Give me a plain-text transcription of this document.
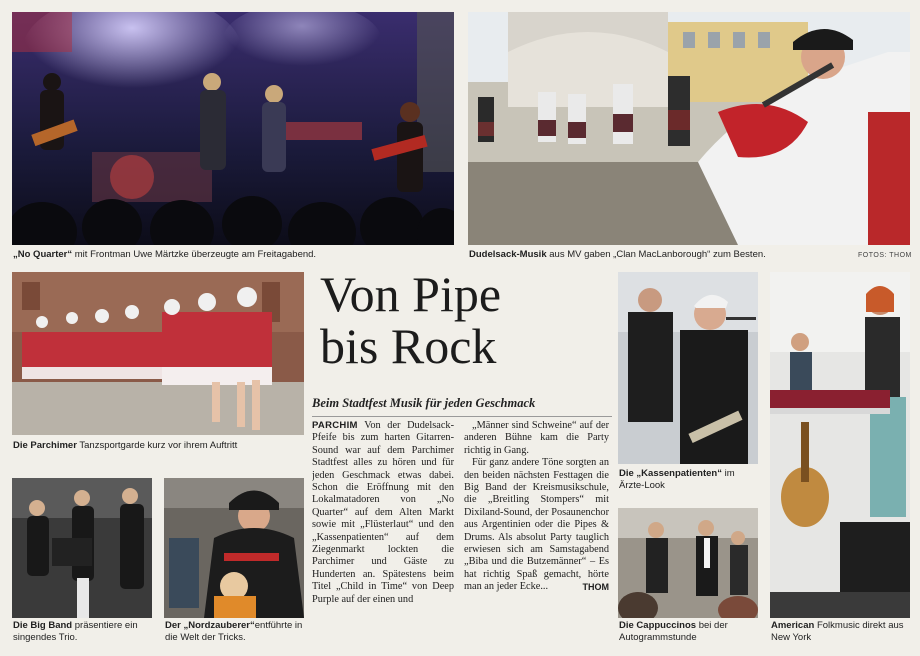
„No Quarter“ mit Frontman Uwe Märtzke überzeugte am Freitagabend.	Dudelsack-Musik aus MV gaben „Clan MacLanborough“ zum Besten.	FOTOS: THOM
Die Parchimer Tanzsportgarde kurz vor ihrem Auftritt
Die Big Band präsentiere ein singendes Trio.
Der „Nordzauberer“entführte in die Welt der Tricks.
Von Pipe
bis Rock
Beim Stadtfest Musik für jeden Geschmack

PARCHIM Von der Dudelsack-Pfeife bis zum harten Gitarren-Sound war auf dem Parchimer Stadtfest alles zu hören und für jeden Geschmack etwas dabei. Schon die Eröffnung mit den Lokalmatadoren von „No Quarter“ auf dem Alten Markt sowie mit „Flüsterlaut“ und den „Kassenpatienten“ auf dem Ziegenmarkt lockten die Parchimer und Gäste zu Hunderten an. Spätestens beim Titel „Child in Time“ von Deep Purple auf der einen und

„Männer sind Schweine“ auf der anderen Bühne kam die Party richtig in Gang.

Für ganz andere Töne sorgten an den beiden nächsten Festtagen die Big Band der Kreismusikschule, die „Breitling Stompers“ mit Dixiland-Sound, der Posaunenchor aus Argentinien oder die Pipes & Drums. Als absolut Party tauglich erwiesen sich am Samstagabend „Biba und die Butzemänner“ – Es hat richtig Spaß gemacht, hörte man an jeder Ecke...	THOM

Die „Kassenpatienten“ im Ärzte-Look
Die Cappuccinos bei der Autogrammstunde
American Folkmusic direkt aus New York
